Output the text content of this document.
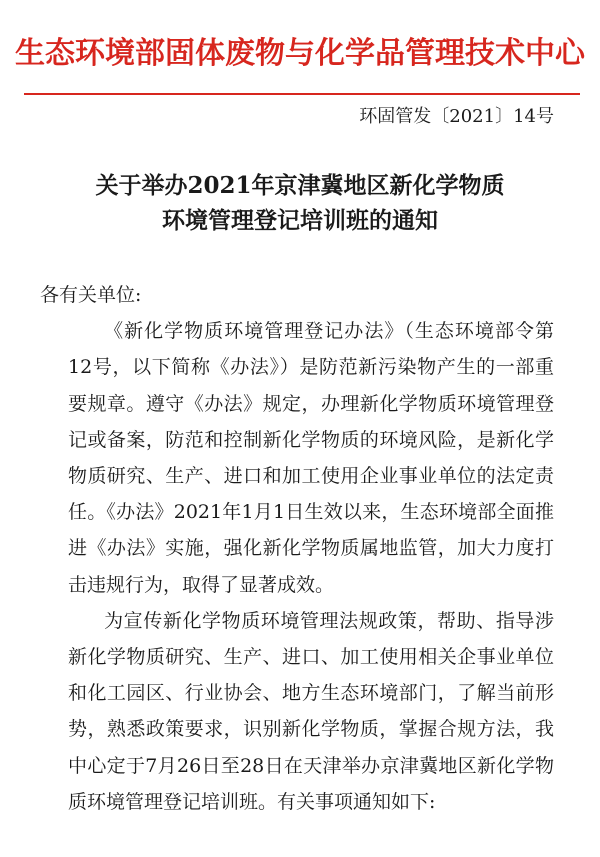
生态环境部固体废物与化学品管理技术中心
环固管发〔2021〕14号
关于举办2021年京津冀地区新化学物质
环境管理登记培训班的通知

各有关单位:

《新化学物质环境管理登记办法》（生态环境部令第12号，以下简称《办法》）是防范新污染物产生的一部重要规章。遵守《办法》规定，办理新化学物质环境管理登记或备案，防范和控制新化学物质的环境风险，是新化学物质研究、生产、进口和加工使用企业事业单位的法定责任。《办法》2021年1月1日生效以来，生态环境部全面推进《办法》实施，强化新化学物质属地监管，加大力度打击违规行为，取得了显著成效。

为宣传新化学物质环境管理法规政策，帮助、指导涉新化学物质研究、生产、进口、加工使用相关企事业单位和化工园区、行业协会、地方生态环境部门，了解当前形势，熟悉政策要求，识别新化学物质，掌握合规方法，我中心定于7月26日至28日在天津举办京津冀地区新化学物质环境管理登记培训班。有关事项通知如下:
